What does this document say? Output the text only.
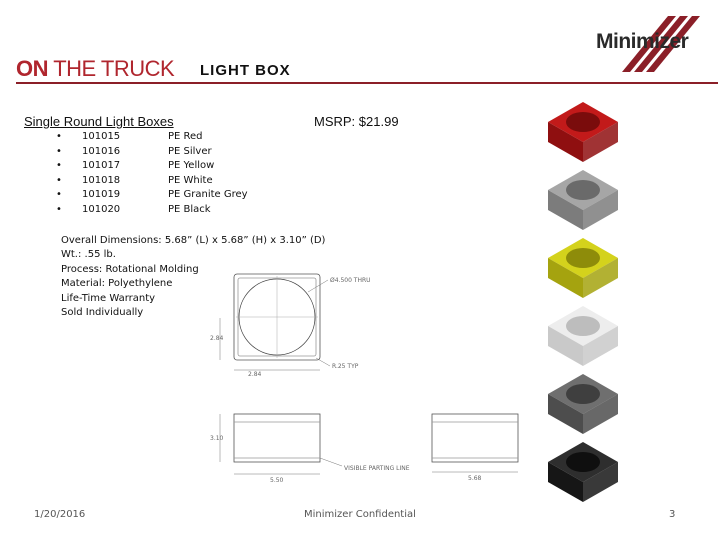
ON THE TRUCK LIGHT BOX
Minimizer
Single Round Light Boxes	MSRP: $21.99
• 101015	PE Red
• 101016	PE Silver
• 101017	PE Yellow
• 101018	PE White
• 101019	PE Granite Grey
• 101020	PE Black
Overall Dimensions: 5.68” (L) x 5.68” (H) x 3.10” (D)
Wt.: .55 lb.
Process: Rotational Molding
Material: Polyethylene
Life-Time Warranty
Sold Individually
Ø4.500 THRU
2.84
2.84
R.25 TYP
3.10
5.50
VISIBLE PARTING LINE
5.68
1/20/2016	Minimizer Confidential	3
